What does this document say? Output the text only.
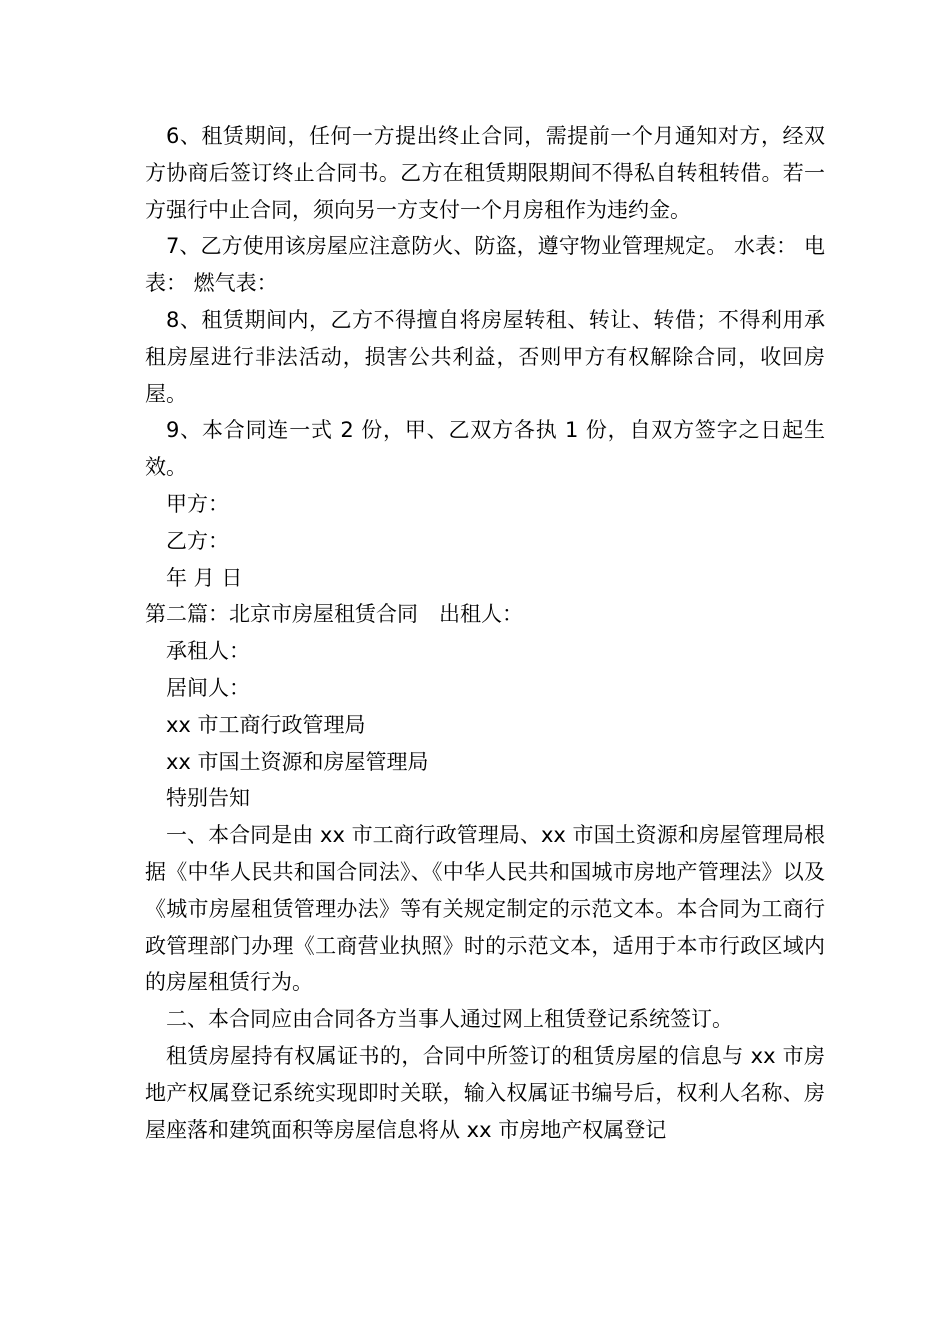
6、租赁期间，任何一方提出终止合同，需提前一个月通知对方，经双方协商后签订终止合同书。乙方在租赁期限期间不得私自转租转借。若一方强行中止合同，须向另一方支付一个月房租作为违约金。

7、乙方使用该房屋应注意防火、防盗，遵守物业管理规定。 水表： 电表： 燃气表：

8、租赁期间内，乙方不得擅自将房屋转租、转让、转借；不得利用承租房屋进行非法活动，损害公共利益，否则甲方有权解除合同，收回房屋。

9、本合同连一式 2 份，甲、乙双方各执 1 份，自双方签字之日起生效。

甲方：

乙方：

年 月 日

第二篇：北京市房屋租赁合同　出租人：

承租人：

居间人：

xx 市工商行政管理局

xx 市国土资源和房屋管理局

特别告知

一、本合同是由 xx 市工商行政管理局、xx 市国土资源和房屋管理局根据《中华人民共和国合同法》、《中华人民共和国城市房地产管理法》以及《城市房屋租赁管理办法》等有关规定制定的示范文本。本合同为工商行政管理部门办理《工商营业执照》时的示范文本，适用于本市行政区域内的房屋租赁行为。

二、本合同应由合同各方当事人通过网上租赁登记系统签订。

租赁房屋持有权属证书的，合同中所签订的租赁房屋的信息与 xx 市房地产权属登记系统实现即时关联，输入权属证书编号后，权利人名称、房屋座落和建筑面积等房屋信息将从 xx 市房地产权属登记
